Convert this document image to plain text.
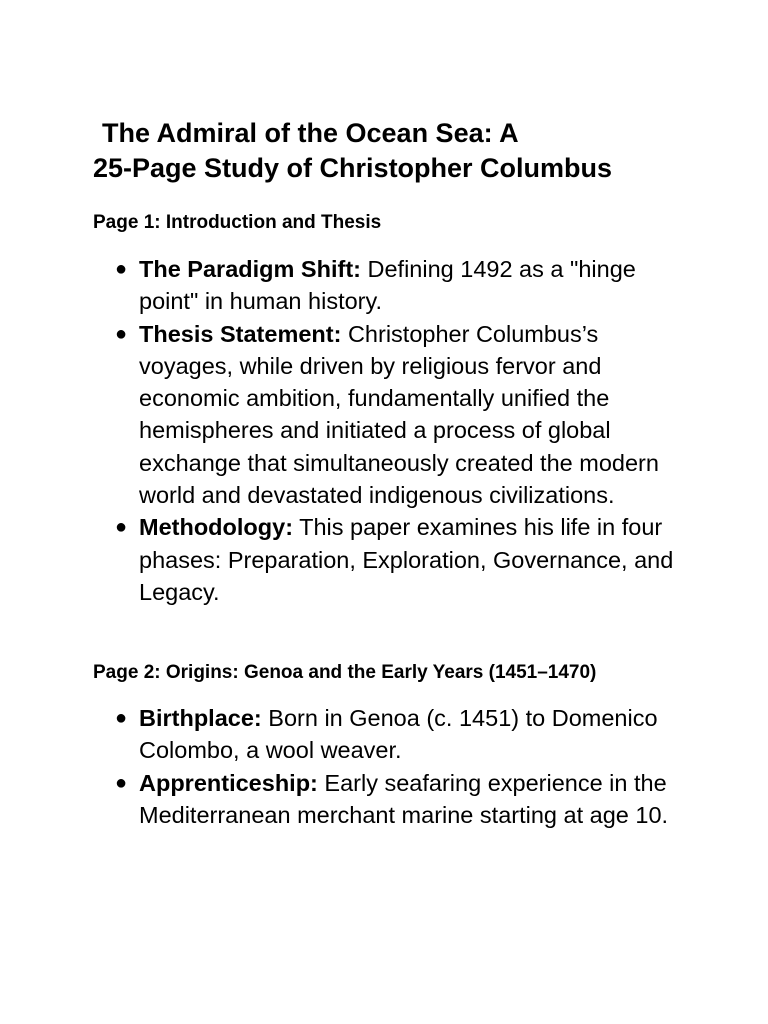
The Admiral of the Ocean Sea: A
25-Page Study of Christopher Columbus
Page 1: Introduction and Thesis
● The Paradigm Shift: Defining 1492 as a "hinge point" in human history.
● Thesis Statement: Christopher Columbus’s voyages, while driven by religious fervor and economic ambition, fundamentally unified the hemispheres and initiated a process of global exchange that simultaneously created the modern world and devastated indigenous civilizations.
● Methodology: This paper examines his life in four phases: Preparation, Exploration, Governance, and Legacy.
Page 2: Origins: Genoa and the Early Years (1451–1470)
● Birthplace: Born in Genoa (c. 1451) to Domenico Colombo, a wool weaver.
● Apprenticeship: Early seafaring experience in the Mediterranean merchant marine starting at age 10.
